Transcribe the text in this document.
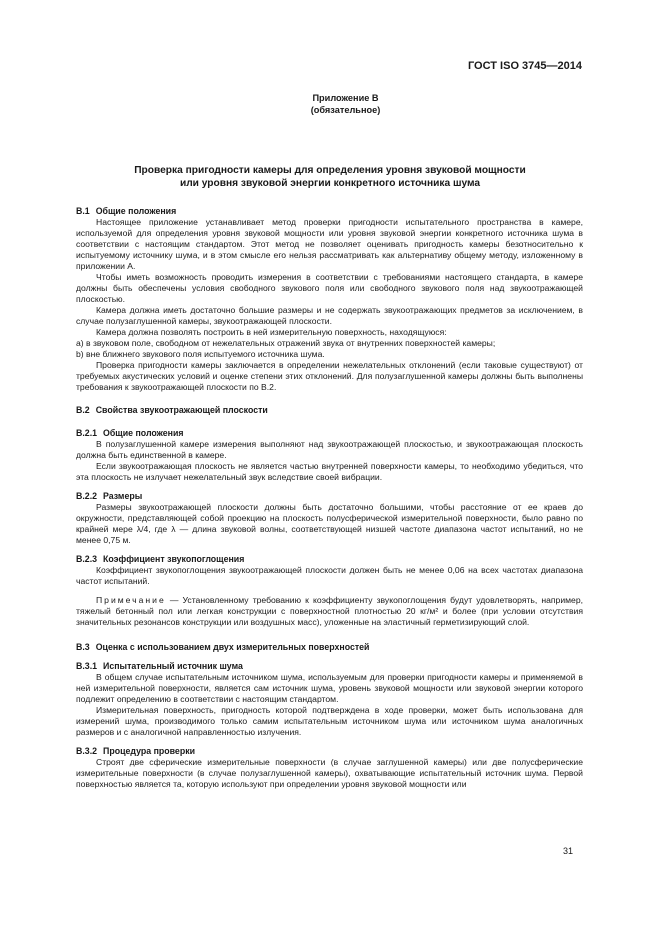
ГОСТ ISO 3745—2014
Приложение В
(обязательное)
Проверка пригодности камеры для определения уровня звуковой мощности
или уровня звуковой энергии конкретного источника шума
В.1 Общие положения

Настоящее приложение устанавливает метод проверки пригодности испытательного пространства в камере, используемой для определения уровня звуковой мощности или уровня звуковой энергии конкретного источника шума в соответствии с настоящим стандартом. Этот метод не позволяет оценивать пригодность камеры безотносительно к испытуемому источнику шума, и в этом смысле его нельзя рассматривать как альтернативу общему методу, изложенному в приложении А.

Чтобы иметь возможность проводить измерения в соответствии с требованиями настоящего стандарта, в камере должны быть обеспечены условия свободного звукового поля или свободного звукового поля над звукоотражающей плоскостью.

Камера должна иметь достаточно большие размеры и не содержать звукоотражающих предметов за исключением, в случае полузаглушенной камеры, звукоотражающей плоскости.

Камера должна позволять построить в ней измерительную поверхность, находящуюся:

а) в звуковом поле, свободном от нежелательных отражений звука от внутренних поверхностей камеры;

b) вне ближнего звукового поля испытуемого источника шума.

Проверка пригодности камеры заключается в определении нежелательных отклонений (если таковые существуют) от требуемых акустических условий и оценке степени этих отклонений. Для полузаглушенной камеры должны быть выполнены требования к звукоотражающей плоскости по В.2.

В.2 Свойства звукоотражающей плоскости
В.2.1 Общие положения

В полузаглушенной камере измерения выполняют над звукоотражающей плоскостью, и звукоотражающая плоскость должна быть единственной в камере.

Если звукоотражающая плоскость не является частью внутренней поверхности камеры, то необходимо убедиться, что эта плоскость не излучает нежелательный звук вследствие своей вибрации.

В.2.2 Размеры

Размеры звукоотражающей плоскости должны быть достаточно большими, чтобы расстояние от ее краев до окружности, представляющей собой проекцию на плоскость полусферической измерительной поверхности, было равно по крайней мере λ/4, где λ — длина звуковой волны, соответствующей низшей частоте диапазона частот испытаний, но не менее 0,75 м.

В.2.3 Коэффициент звукопоглощения

Коэффициент звукопоглощения звукоотражающей плоскости должен быть не менее 0,06 на всех частотах диапазона частот испытаний.

Примечание — Установленному требованию к коэффициенту звукопоглощения будут удовлетворять, например, тяжелый бетонный пол или легкая конструкции с поверхностной плотностью 20 кг/м² и более (при условии отсутствия значительных резонансов конструкции или воздушных масс), уложенные на эластичный герметизирующий слой.

В.3 Оценка с использованием двух измерительных поверхностей
В.3.1 Испытательный источник шума

В общем случае испытательным источником шума, используемым для проверки пригодности камеры и применяемой в ней измерительной поверхности, является сам источник шума, уровень звуковой мощности или звуковой энергии которого подлежит определению в соответствии с настоящим стандартом.

Измерительная поверхность, пригодность которой подтверждена в ходе проверки, может быть использована для измерений шума, производимого только самим испытательным источником шума или источником шума аналогичных размеров и с аналогичной направленностью излучения.

В.3.2 Процедура проверки

Строят две сферические измерительные поверхности (в случае заглушенной камеры) или две полусферические измерительные поверхности (в случае полузаглушенной камеры), охватывающие испытательный источник шума. Первой поверхностью является та, которую используют при определении уровня звуковой мощности или

31
